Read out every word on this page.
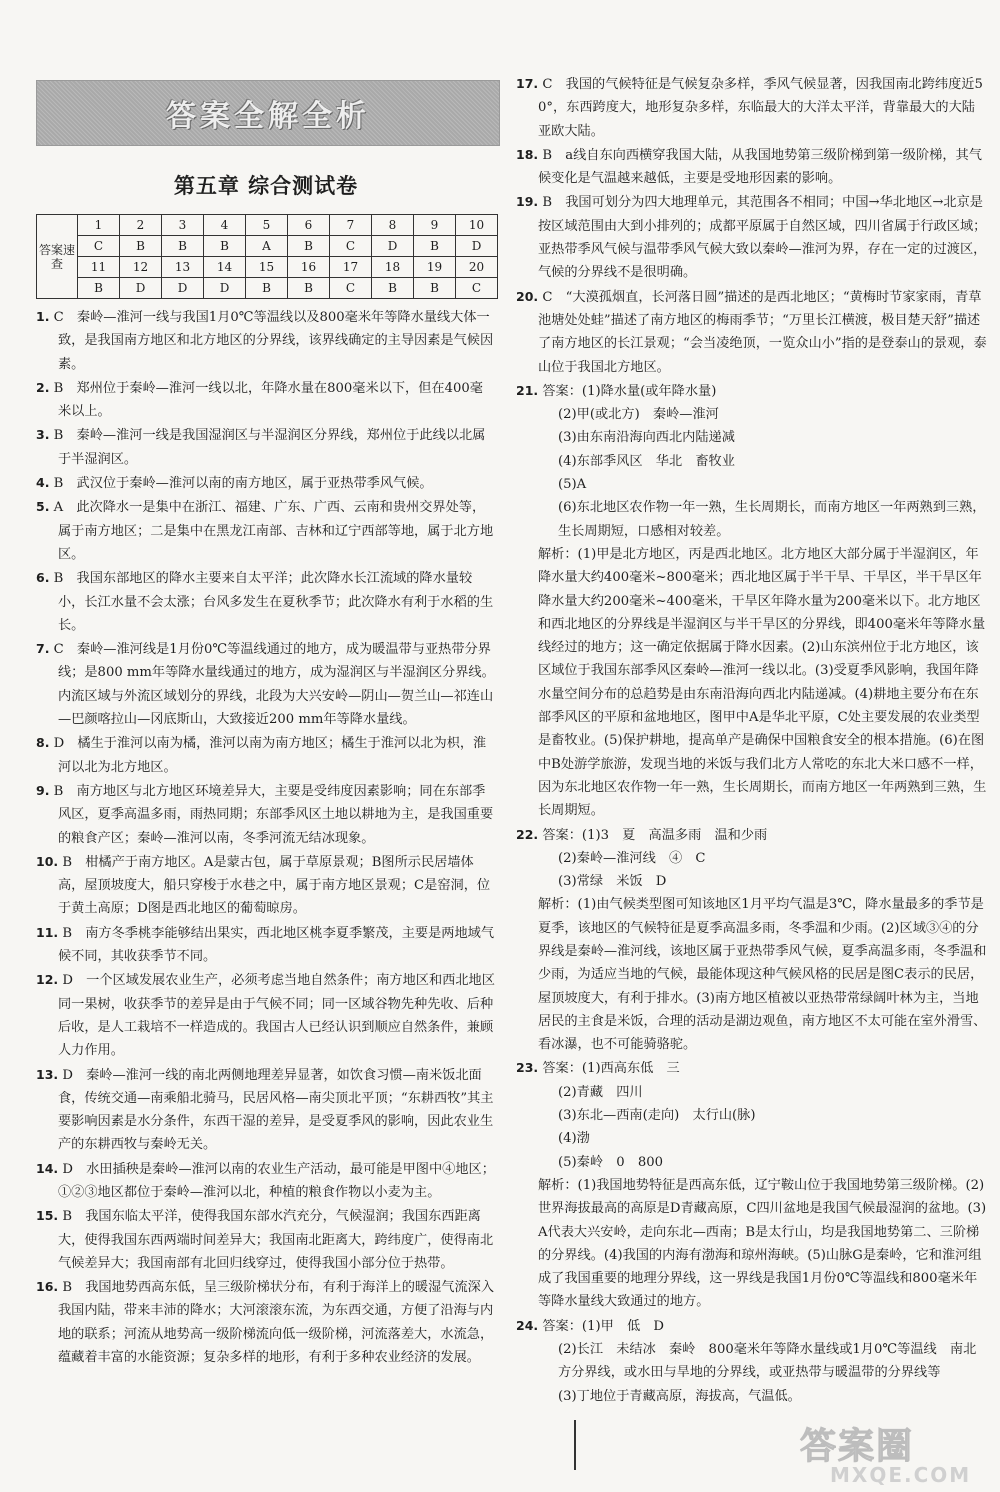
答案全解全析
第五章 综合测试卷
答案速查	1	2	3	4	5	6	7	8	9	10
	C	B	B	B	A	B	C	D	B	D
	11	12	13	14	15	16	17	18	19	20
	B	D	D	D	B	B	C	B	B	C

1. C　秦岭—淮河一线与我国1月0℃等温线以及800毫米年等降水量线大体一致，是我国南方地区和北方地区的分界线，该界线确定的主导因素是气候因素。

2. B　郑州位于秦岭—淮河一线以北，年降水量在800毫米以下，但在400毫米以上。

3. B　秦岭—淮河一线是我国湿润区与半湿润区分界线，郑州位于此线以北属于半湿润区。

4. B　武汉位于秦岭—淮河以南的南方地区，属于亚热带季风气候。

5. A　此次降水一是集中在浙江、福建、广东、广西、云南和贵州交界处等，属于南方地区；二是集中在黑龙江南部、吉林和辽宁西部等地，属于北方地区。

6. B　我国东部地区的降水主要来自太平洋；此次降水长江流域的降水量较小，长江水量不会太涨；台风多发生在夏秋季节；此次降水有利于水稻的生长。

7. C　秦岭—淮河线是1月份0℃等温线通过的地方，成为暖温带与亚热带分界线；是800 mm年等降水量线通过的地方，成为湿润区与半湿润区分界线。内流区域与外流区域划分的界线，北段为大兴安岭—阴山—贺兰山—祁连山—巴颜喀拉山—冈底斯山，大致接近200 mm年等降水量线。

8. D　橘生于淮河以南为橘，淮河以南为南方地区；橘生于淮河以北为枳，淮河以北为北方地区。

9. B　南方地区与北方地区环境差异大，主要是受纬度因素影响；同在东部季风区，夏季高温多雨，雨热同期；东部季风区土地以耕地为主，是我国重要的粮食产区；秦岭—淮河以南，冬季河流无结冰现象。

10. B　柑橘产于南方地区。A是蒙古包，属于草原景观；B图所示民居墙体高，屋顶坡度大，船只穿梭于水巷之中，属于南方地区景观；C是窑洞，位于黄土高原；D图是西北地区的葡萄晾房。

11. B　南方冬季桃李能够结出果实，西北地区桃李夏季繁茂，主要是两地域气候不同，其收获季节不同。

12. D　一个区域发展农业生产，必须考虑当地自然条件；南方地区和西北地区同一果树，收获季节的差异是由于气候不同；同一区域谷物先种先收、后种后收，是人工栽培不一样造成的。我国古人已经认识到顺应自然条件，兼顾人力作用。

13. D　秦岭—淮河一线的南北两侧地理差异显著，如饮食习惯—南米饭北面食，传统交通—南乘船北骑马，民居风格—南尖顶北平顶；“东耕西牧”其主要影响因素是水分条件，东西干湿的差异，是受夏季风的影响，因此农业生产的东耕西牧与秦岭无关。

14. D　水田插秧是秦岭—淮河以南的农业生产活动，最可能是甲图中④地区；①②③地区都位于秦岭—淮河以北，种植的粮食作物以小麦为主。

15. B　我国东临太平洋，使得我国东部水汽充分，气候湿润；我国东西距离大，使得我国东西两端时间差异大；我国南北距离大，跨纬度广，使得南北气候差异大；我国南部有北回归线穿过，使得我国小部分位于热带。

16. B　我国地势西高东低，呈三级阶梯状分布，有利于海洋上的暖湿气流深入我国内陆，带来丰沛的降水；大河滚滚东流，为东西交通，方便了沿海与内地的联系；河流从地势高一级阶梯流向低一级阶梯，河流落差大，水流急，蕴藏着丰富的水能资源；复杂多样的地形，有利于多种农业经济的发展。

17. C　我国的气候特征是气候复杂多样，季风气候显著，因我国南北跨纬度近50°，东西跨度大，地形复杂多样，东临最大的大洋太平洋，背靠最大的大陆亚欧大陆。

18. B　a线自东向西横穿我国大陆，从我国地势第三级阶梯到第一级阶梯，其气候变化是气温越来越低，主要是受地形因素的影响。

19. B　我国可划分为四大地理单元，其范围各不相同；中国→华北地区→北京是按区域范围由大到小排列的；成都平原属于自然区域，四川省属于行政区域；亚热带季风气候与温带季风气候大致以秦岭—淮河为界，存在一定的过渡区，气候的分界线不是很明确。

20. C　“大漠孤烟直，长河落日圆”描述的是西北地区；“黄梅时节家家雨，青草池塘处处蛙”描述了南方地区的梅雨季节；“万里长江横渡，极目楚天舒”描述了南方地区的长江景观；“会当凌绝顶，一览众山小”指的是登泰山的景观，泰山位于我国北方地区。

21. 答案：(1)降水量(或年降水量)

(2)甲(或北方)　秦岭—淮河

(3)由东南沿海向西北内陆递减

(4)东部季风区　华北　畜牧业

(5)A

(6)东北地区农作物一年一熟，生长周期长，而南方地区一年两熟到三熟，生长周期短，口感相对较差。

解析：(1)甲是北方地区，丙是西北地区。北方地区大部分属于半湿润区，年降水量大约400毫米~800毫米；西北地区属于半干旱、干旱区，半干旱区年降水量大约200毫米~400毫米，干旱区年降水量为200毫米以下。北方地区和西北地区的分界线是半湿润区与半干旱区的分界线，即400毫米年等降水量线经过的地方；这一确定依据属于降水因素。(2)山东滨州位于北方地区，该区域位于我国东部季风区秦岭—淮河一线以北。(3)受夏季风影响，我国年降水量空间分布的总趋势是由东南沿海向西北内陆递减。(4)耕地主要分布在东部季风区的平原和盆地地区，图甲中A是华北平原，C处主要发展的农业类型是畜牧业。(5)保护耕地，提高单产是确保中国粮食安全的根本措施。(6)在图中B处游学旅游，发现当地的米饭与我们北方人常吃的东北大米口感不一样，因为东北地区农作物一年一熟，生长周期长，而南方地区一年两熟到三熟，生长周期短。

22. 答案：(1)3　夏　高温多雨　温和少雨

(2)秦岭—淮河线　④　C

(3)常绿　米饭　D

解析：(1)由气候类型图可知该地区1月平均气温是3℃，降水量最多的季节是夏季，该地区的气候特征是夏季高温多雨，冬季温和少雨。(2)区域③④的分界线是秦岭—淮河线，该地区属于亚热带季风气候，夏季高温多雨，冬季温和少雨，为适应当地的气候，最能体现这种气候风格的民居是图C表示的民居，屋顶坡度大，有利于排水。(3)南方地区植被以亚热带常绿阔叶林为主，当地居民的主食是米饭，合理的活动是湖边观鱼，南方地区不太可能在室外滑雪、看冰瀑，也不可能骑骆驼。

23. 答案：(1)西高东低　三

(2)青藏　四川

(3)东北—西南(走向)　太行山(脉)

(4)渤

(5)秦岭　0　800

解析：(1)我国地势特征是西高东低，辽宁鞍山位于我国地势第三级阶梯。(2)世界海拔最高的高原是D青藏高原，C四川盆地是我国气候最湿润的盆地。(3)A代表大兴安岭，走向东北—西南；B是太行山，均是我国地势第二、三阶梯的分界线。(4)我国的内海有渤海和琼州海峡。(5)山脉G是秦岭，它和淮河组成了我国重要的地理分界线，这一界线是我国1月份0℃等温线和800毫米年等降水量线大致通过的地方。

24. 答案：(1)甲　低　D

(2)长江　未结冰　秦岭　800毫米年等降水量线或1月0℃等温线　南北方分界线，或水田与旱地的分界线，或亚热带与暖温带的分界线等

(3)丁地位于青藏高原，海拔高，气温低。

答案圈
MXQE.COM
